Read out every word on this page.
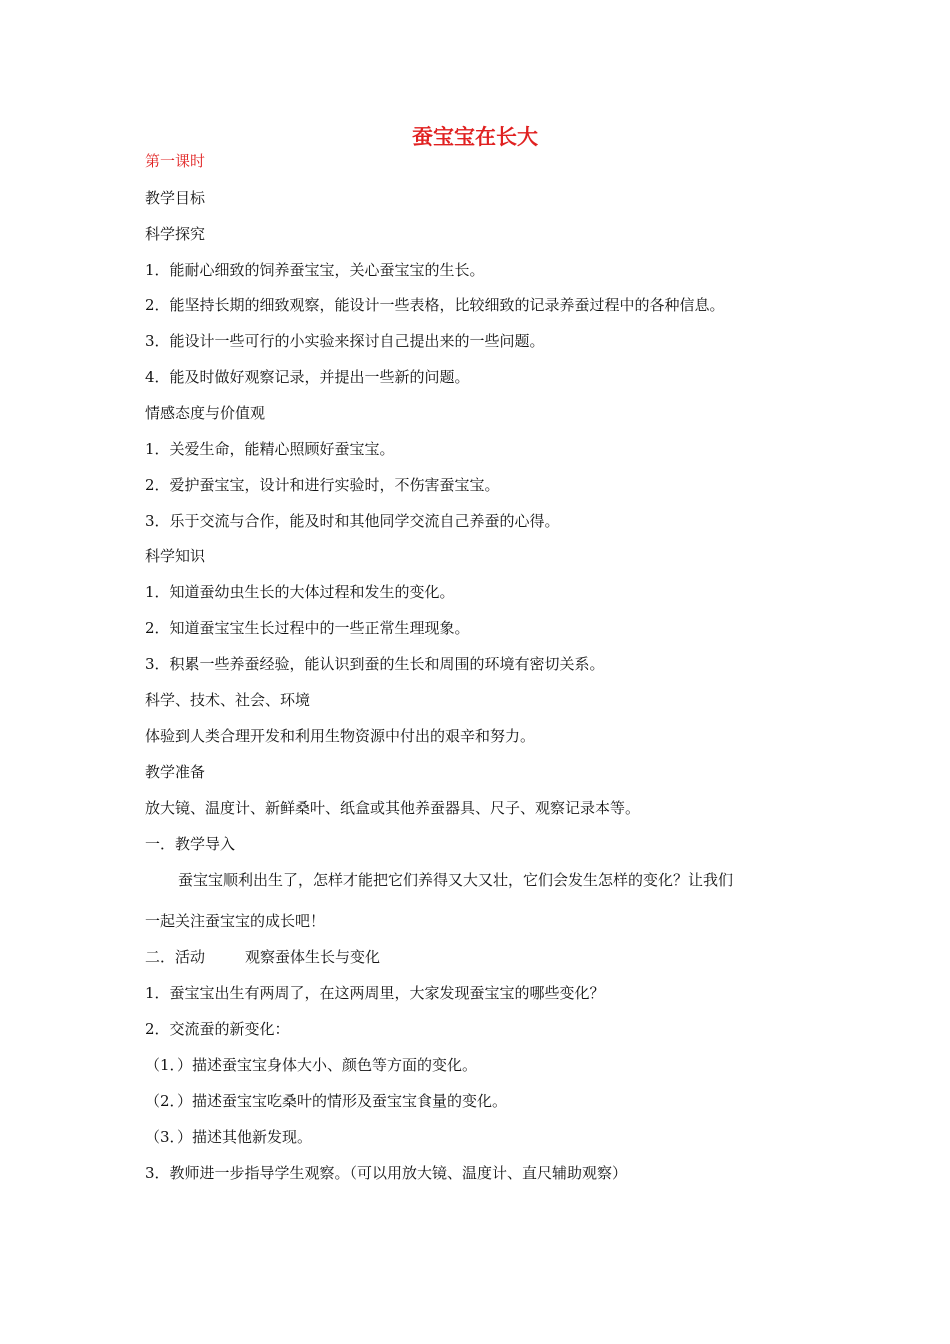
蚕宝宝在长大
第一课时
教学目标
科学探究
1．能耐心细致的饲养蚕宝宝，关心蚕宝宝的生长。
2．能坚持长期的细致观察，能设计一些表格，比较细致的记录养蚕过程中的各种信息。
3．能设计一些可行的小实验来探讨自己提出来的一些问题。
4．能及时做好观察记录，并提出一些新的问题。
情感态度与价值观
1．关爱生命，能精心照顾好蚕宝宝。
2．爱护蚕宝宝，设计和进行实验时，不伤害蚕宝宝。
3．乐于交流与合作，能及时和其他同学交流自己养蚕的心得。
科学知识
1．知道蚕幼虫生长的大体过程和发生的变化。
2．知道蚕宝宝生长过程中的一些正常生理现象。
3．积累一些养蚕经验，能认识到蚕的生长和周围的环境有密切关系。
科学、技术、社会、环境
体验到人类合理开发和利用生物资源中付出的艰辛和努力。
教学准备
放大镜、温度计、新鲜桑叶、纸盒或其他养蚕器具、尺子、观察记录本等。
一．教学导入
蚕宝宝顺利出生了，怎样才能把它们养得又大又壮，它们会发生怎样的变化？让我们
一起关注蚕宝宝的成长吧！
二．活动	观察蚕体生长与变化
1．蚕宝宝出生有两周了，在这两周里，大家发现蚕宝宝的哪些变化？
2．交流蚕的新变化：
（1．）描述蚕宝宝身体大小、颜色等方面的变化。
（2．）描述蚕宝宝吃桑叶的情形及蚕宝宝食量的变化。
（3．）描述其他新发现。
3．教师进一步指导学生观察。（可以用放大镜、温度计、直尺辅助观察）
